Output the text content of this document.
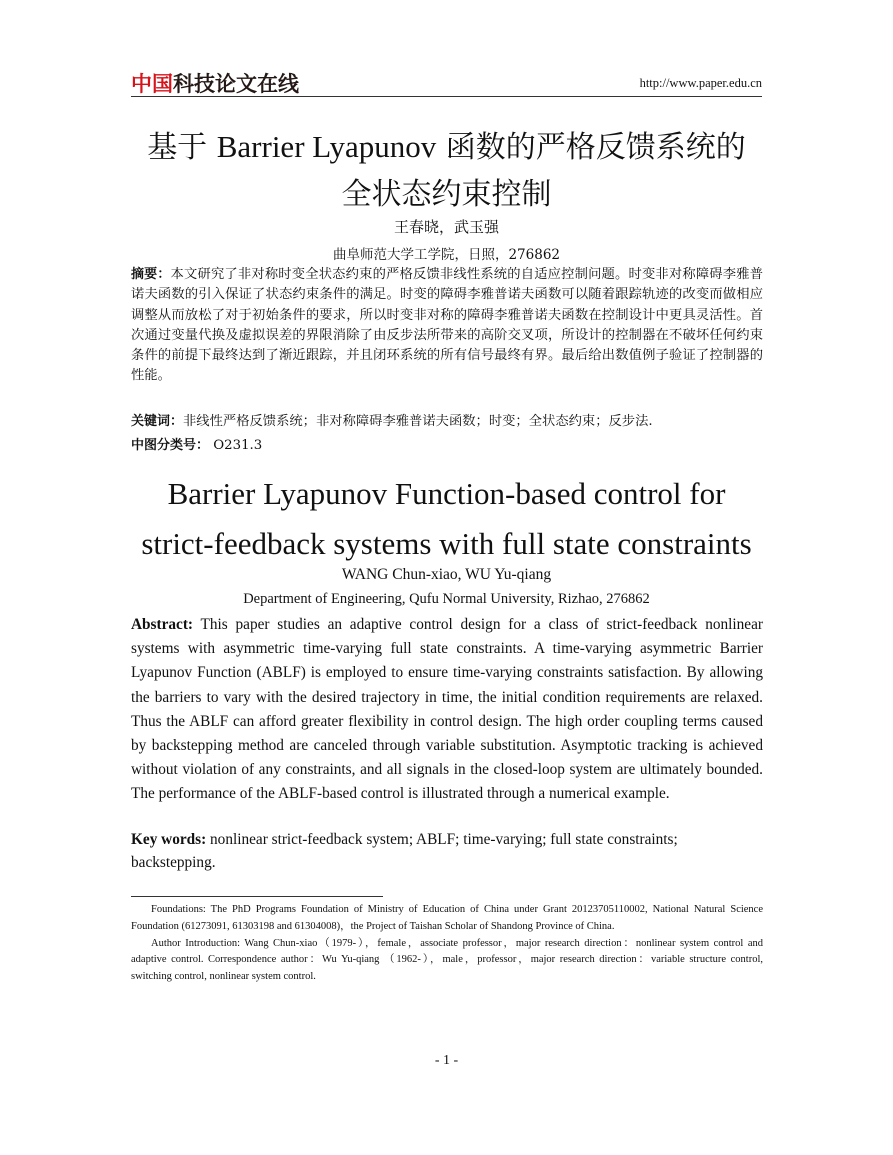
中国科技论文在线	http://www.paper.edu.cn
基于 Barrier Lyapunov 函数的严格反馈系统的
全状态约束控制
王春晓，武玉强
曲阜师范大学工学院，日照，276862
摘要：本文研究了非对称时变全状态约束的严格反馈非线性系统的自适应控制问题。时变非对称障碍李雅普诺夫函数的引入保证了状态约束条件的满足。时变的障碍李雅普诺夫函数可以随着跟踪轨迹的改变而做相应调整从而放松了对于初始条件的要求，所以时变非对称的障碍李雅普诺夫函数在控制设计中更具灵活性。首次通过变量代换及虚拟误差的界限消除了由反步法所带来的高阶交叉项，所设计的控制器在不破坏任何约束条件的前提下最终达到了渐近跟踪，并且闭环系统的所有信号最终有界。最后给出数值例子验证了控制器的性能。
关键词：非线性严格反馈系统；非对称障碍李雅普诺夫函数；时变；全状态约束；反步法.
中图分类号： O231.3
Barrier Lyapunov Function-based control for
strict-feedback systems with full state constraints
WANG Chun-xiao, WU Yu-qiang
Department of Engineering, Qufu Normal University, Rizhao, 276862
Abstract: This paper studies an adaptive control design for a class of strict-feedback nonlinear systems with asymmetric time-varying full state constraints. A time-varying asymmetric Barrier Lyapunov Function (ABLF) is employed to ensure time-varying constraints satisfaction. By allowing the barriers to vary with the desired trajectory in time, the initial condition requirements are relaxed. Thus the ABLF can afford greater flexibility in control design. The high order coupling terms caused by backstepping method are canceled through variable substitution. Asymptotic tracking is achieved without violation of any constraints, and all signals in the closed-loop system are ultimately bounded. The performance of the ABLF-based control is illustrated through a numerical example.
Key words: nonlinear strict-feedback system; ABLF; time-varying; full state constraints; backstepping.

Foundations: The PhD Programs Foundation of Ministry of Education of China under Grant 20123705110002, National Natural Science Foundation (61273091, 61303198 and 61304008)，the Project of Taishan Scholar of Shandong Province of China.

Author Introduction: Wang Chun-xiao（1979-），female，associate professor，major research direction：nonlinear system control and adaptive control. Correspondence author：Wu Yu-qiang （1962-），male，professor，major research direction：variable structure control, switching control, nonlinear system control.

- 1 -
